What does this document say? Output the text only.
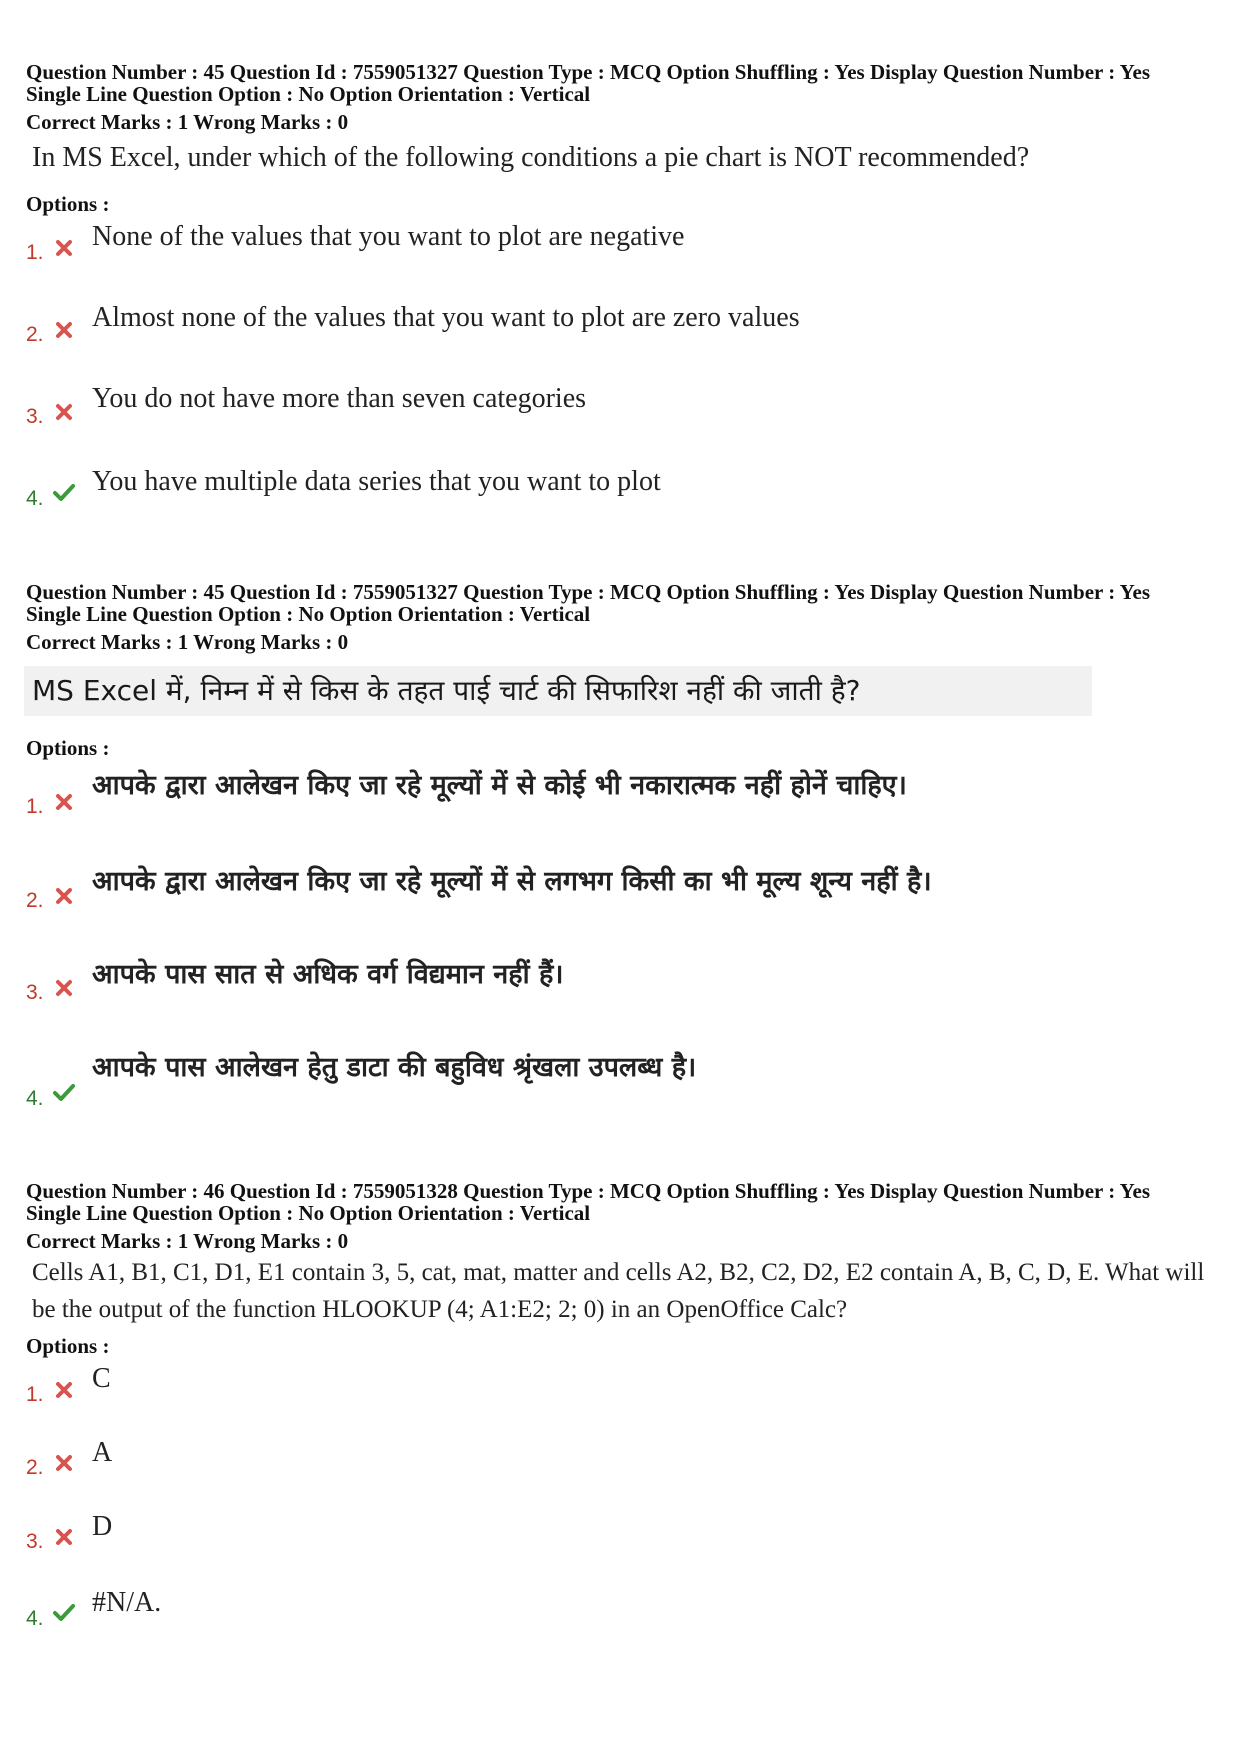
Question Number : 45 Question Id : 7559051327 Question Type : MCQ Option Shuffling : Yes Display Question Number : Yes
Single Line Question Option : No Option Orientation : Vertical
Correct Marks : 1 Wrong Marks : 0
In MS Excel, under which of the following conditions a pie chart is NOT recommended?
Options :
1.
None of the values that you want to plot are negative
2.
Almost none of the values that you want to plot are zero values
3.
You do not have more than seven categories
4.
You have multiple data series that you want to plot
Question Number : 45 Question Id : 7559051327 Question Type : MCQ Option Shuffling : Yes Display Question Number : Yes
Single Line Question Option : No Option Orientation : Vertical
Correct Marks : 1 Wrong Marks : 0
MS Excel में, निम्न में से किस के तहत पाई चार्ट की सिफारिश नहीं की जाती है?
Options :
1.
आपके द्वारा आलेखन किए जा रहे मूल्यों में से कोई भी नकारात्मक नहीं होनें चाहिए।
2.
आपके द्वारा आलेखन किए जा रहे मूल्यों में से लगभग किसी का भी मूल्य शून्य नहीं है।
3.
आपके पास सात से अधिक वर्ग विद्यमान नहीं हैं।
4.
आपके पास आलेखन हेतु डाटा की बहुविध श्रृंखला उपलब्ध है।
Question Number : 46 Question Id : 7559051328 Question Type : MCQ Option Shuffling : Yes Display Question Number : Yes
Single Line Question Option : No Option Orientation : Vertical
Correct Marks : 1 Wrong Marks : 0
Cells A1, B1, C1, D1, E1 contain 3, 5, cat, mat, matter and cells A2, B2, C2, D2, E2 contain A, B, C, D, E. What will be the output of the function HLOOKUP (4; A1:E2; 2; 0) in an OpenOffice Calc?
Options :
1.
C
2. A
3. D
4.
#N/A.
